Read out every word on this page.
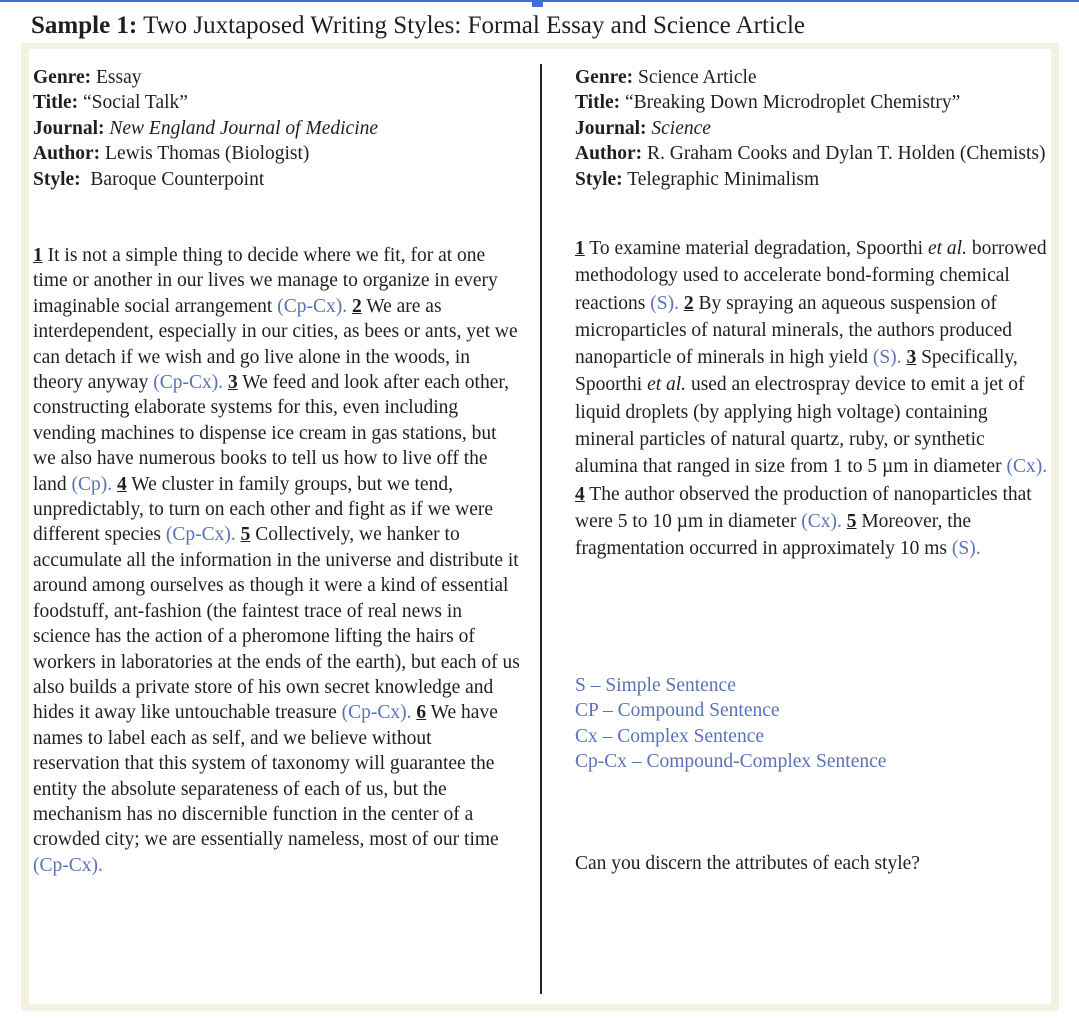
Sample 1: Two Juxtaposed Writing Styles: Formal Essay and Science Article
Genre: Essay
Title: “Social Talk”
Journal: New England Journal of Medicine
Author: Lewis Thomas (Biologist)
Style: Baroque Counterpoint
1 It is not a simple thing to decide where we fit, for at one time or another in our lives we manage to organize in every imaginable social arrangement (Cp-Cx). 2 We are as interdependent, especially in our cities, as bees or ants, yet we can detach if we wish and go live alone in the woods, in theory anyway (Cp-Cx). 3 We feed and look after each other, constructing elaborate systems for this, even including vending machines to dispense ice cream in gas stations, but we also have numerous books to tell us how to live off the land (Cp). 4 We cluster in family groups, but we tend, unpredictably, to turn on each other and fight as if we were different species (Cp-Cx). 5 Collectively, we hanker to accumulate all the information in the universe and distribute it around among ourselves as though it were a kind of essential foodstuff, ant-fashion (the faintest trace of real news in science has the action of a pheromone lifting the hairs of workers in laboratories at the ends of the earth), but each of us also builds a private store of his own secret knowledge and hides it away like untouchable treasure (Cp-Cx). 6 We have names to label each as self, and we believe without reservation that this system of taxonomy will guarantee the entity the absolute separateness of each of us, but the mechanism has no discernible function in the center of a crowded city; we are essentially nameless, most of our time (Cp-Cx).
Genre: Science Article
Title: “Breaking Down Microdroplet Chemistry”
Journal: Science
Author: R. Graham Cooks and Dylan T. Holden (Chemists)
Style: Telegraphic Minimalism
1 To examine material degradation, Spoorthi et al. borrowed methodology used to accelerate bond-forming chemical reactions (S). 2 By spraying an aqueous suspension of microparticles of natural minerals, the authors produced nanoparticle of minerals in high yield (S). 3 Specifically, Spoorthi et al. used an electrospray device to emit a jet of liquid droplets (by applying high voltage) containing mineral particles of natural quartz, ruby, or synthetic alumina that ranged in size from 1 to 5 µm in diameter (Cx). 4 The author observed the production of nanoparticles that were 5 to 10 µm in diameter (Cx). 5 Moreover, the fragmentation occurred in approximately 10 ms (S).
S – Simple Sentence
CP – Compound Sentence
Cx – Complex Sentence
Cp-Cx – Compound-Complex Sentence
Can you discern the attributes of each style?
